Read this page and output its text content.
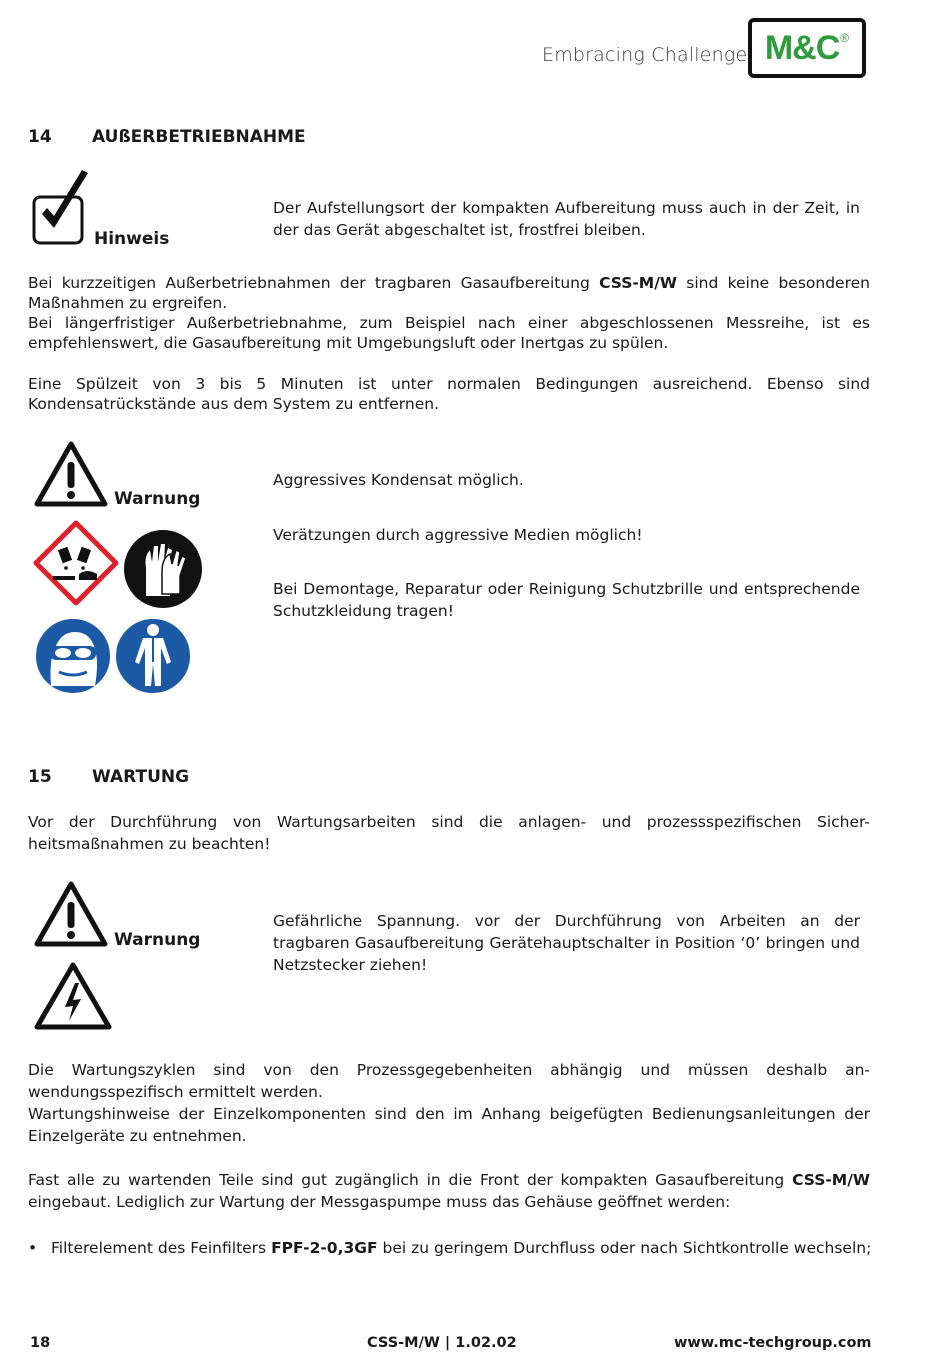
Embracing Challenge M&C ®
14 AUßERBETRIEBNAHME
Hinweis
Der Aufstellungsort der kompakten Aufbereitung muss auch in der Zeit, in der das Gerät abgeschaltet ist, frostfrei bleiben.

Bei kurzzeitigen Außerbetriebnahmen der tragbaren Gasaufbereitung CSS-M/W sind keine besonderen Maßnahmen zu ergreifen.

Bei längerfristiger Außerbetriebnahme, zum Beispiel nach einer abgeschlossenen Messreihe, ist es empfehlenswert, die Gasaufbereitung mit Umgebungsluft oder Inertgas zu spülen.

Eine Spülzeit von 3 bis 5 Minuten ist unter normalen Bedingungen ausreichend. Ebenso sind Kondensatrückstände aus dem System zu entfernen.
Warnung
Aggressives Kondensat möglich.
Verätzungen durch aggressive Medien möglich!
Bei Demontage, Reparatur oder Reinigung Schutzbrille und entsprechende Schutzkleidung tragen!
15 WARTUNG
Vor der Durchführung von Wartungsarbeiten sind die anlagen- und prozessspezifischen Sicher-heitsmaßnahmen zu beachten!
Warnung
Gefährliche Spannung. vor der Durchführung von Arbeiten an der tragbaren Gasaufbereitung Gerätehauptschalter in Position ‘0’ bringen und Netzstecker ziehen!

Die Wartungszyklen sind von den Prozessgegebenheiten abhängig und müssen deshalb an-wendungsspezifisch ermittelt werden.

Wartungshinweise der Einzelkomponenten sind den im Anhang beigefügten Bedienungsanleitungen der Einzelgeräte zu entnehmen.

Fast alle zu wartenden Teile sind gut zugänglich in die Front der kompakten Gasaufbereitung CSS-M/W eingebaut. Lediglich zur Wartung der Messgaspumpe muss das Gehäuse geöffnet werden:

• Filterelement des Feinfilters FPF-2-0,3GF bei zu geringem Durchfluss oder nach Sichtkontrolle wechseln;
18	CSS-M/W | 1.02.02	www.mc-techgroup.com
